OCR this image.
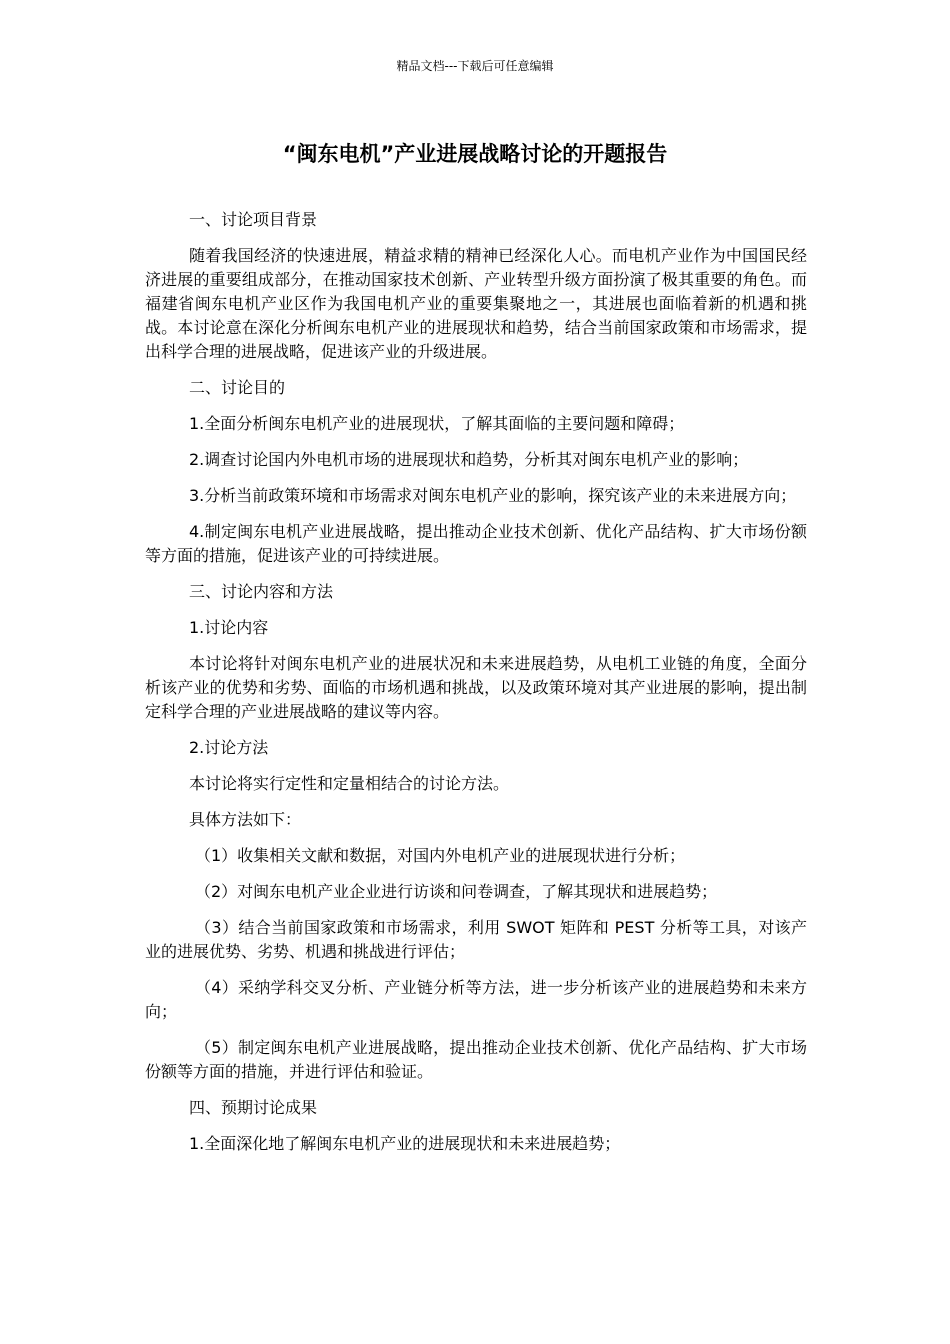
精品文档---下载后可任意编辑
“闽东电机”产业进展战略讨论的开题报告

一、讨论项目背景

随着我国经济的快速进展，精益求精的精神已经深化人心。而电机产业作为中国国民经济进展的重要组成部分，在推动国家技术创新、产业转型升级方面扮演了极其重要的角色。而福建省闽东电机产业区作为我国电机产业的重要集聚地之一，其进展也面临着新的机遇和挑战。本讨论意在深化分析闽东电机产业的进展现状和趋势，结合当前国家政策和市场需求，提出科学合理的进展战略，促进该产业的升级进展。

二、讨论目的

1.全面分析闽东电机产业的进展现状，了解其面临的主要问题和障碍；

2.调查讨论国内外电机市场的进展现状和趋势，分析其对闽东电机产业的影响；

3.分析当前政策环境和市场需求对闽东电机产业的影响，探究该产业的未来进展方向；

4.制定闽东电机产业进展战略，提出推动企业技术创新、优化产品结构、扩大市场份额等方面的措施，促进该产业的可持续进展。

三、讨论内容和方法

1.讨论内容

本讨论将针对闽东电机产业的进展状况和未来进展趋势，从电机工业链的角度，全面分析该产业的优势和劣势、面临的市场机遇和挑战，以及政策环境对其产业进展的影响，提出制定科学合理的产业进展战略的建议等内容。

2.讨论方法

本讨论将实行定性和定量相结合的讨论方法。

具体方法如下：

（1）收集相关文献和数据，对国内外电机产业的进展现状进行分析；

（2）对闽东电机产业企业进行访谈和问卷调查，了解其现状和进展趋势；

（3）结合当前国家政策和市场需求，利用 SWOT 矩阵和 PEST 分析等工具，对该产业的进展优势、劣势、机遇和挑战进行评估；

（4）采纳学科交叉分析、产业链分析等方法，进一步分析该产业的进展趋势和未来方向；

（5）制定闽东电机产业进展战略，提出推动企业技术创新、优化产品结构、扩大市场份额等方面的措施，并进行评估和验证。

四、预期讨论成果

1.全面深化地了解闽东电机产业的进展现状和未来进展趋势；
